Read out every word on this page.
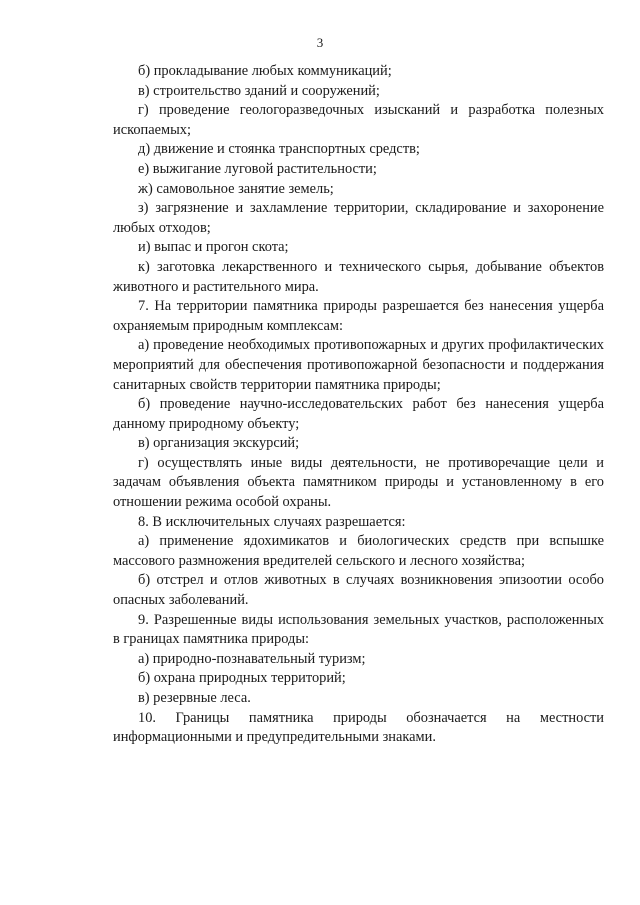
3

б) прокладывание любых коммуникаций;

в) строительство зданий и сооружений;

г) проведение геологоразведочных изысканий и разработка полезных ископаемых;

д) движение и стоянка транспортных средств;

е) выжигание луговой растительности;

ж) самовольное занятие земель;

з) загрязнение и захламление территории, складирование и захоронение любых отходов;

и) выпас и прогон скота;

к) заготовка лекарственного и технического сырья, добывание объектов животного и растительного мира.

7. На территории памятника природы разрешается без нанесения ущерба охраняемым природным комплексам:

а) проведение необходимых противопожарных и других профилактических мероприятий для обеспечения противопожарной безопасности и поддержания санитарных свойств территории памятника природы;

б) проведение научно-исследовательских работ без нанесения ущерба данному природному объекту;

в) организация экскурсий;

г) осуществлять иные виды деятельности, не противоречащие цели и задачам объявления объекта памятником природы и установленному в его отношении режима особой охраны.

8. В исключительных случаях разрешается:

а) применение ядохимикатов и биологических средств при вспышке массового размножения вредителей сельского и лесного хозяйства;

б) отстрел и отлов животных в случаях возникновения эпизоотии особо опасных заболеваний.

9. Разрешенные виды использования земельных участков, расположенных в границах памятника природы:

а) природно-познавательный туризм;

б) охрана природных территорий;

в) резервные леса.

10. Границы памятника природы обозначается на местности информационными и предупредительными знаками.
